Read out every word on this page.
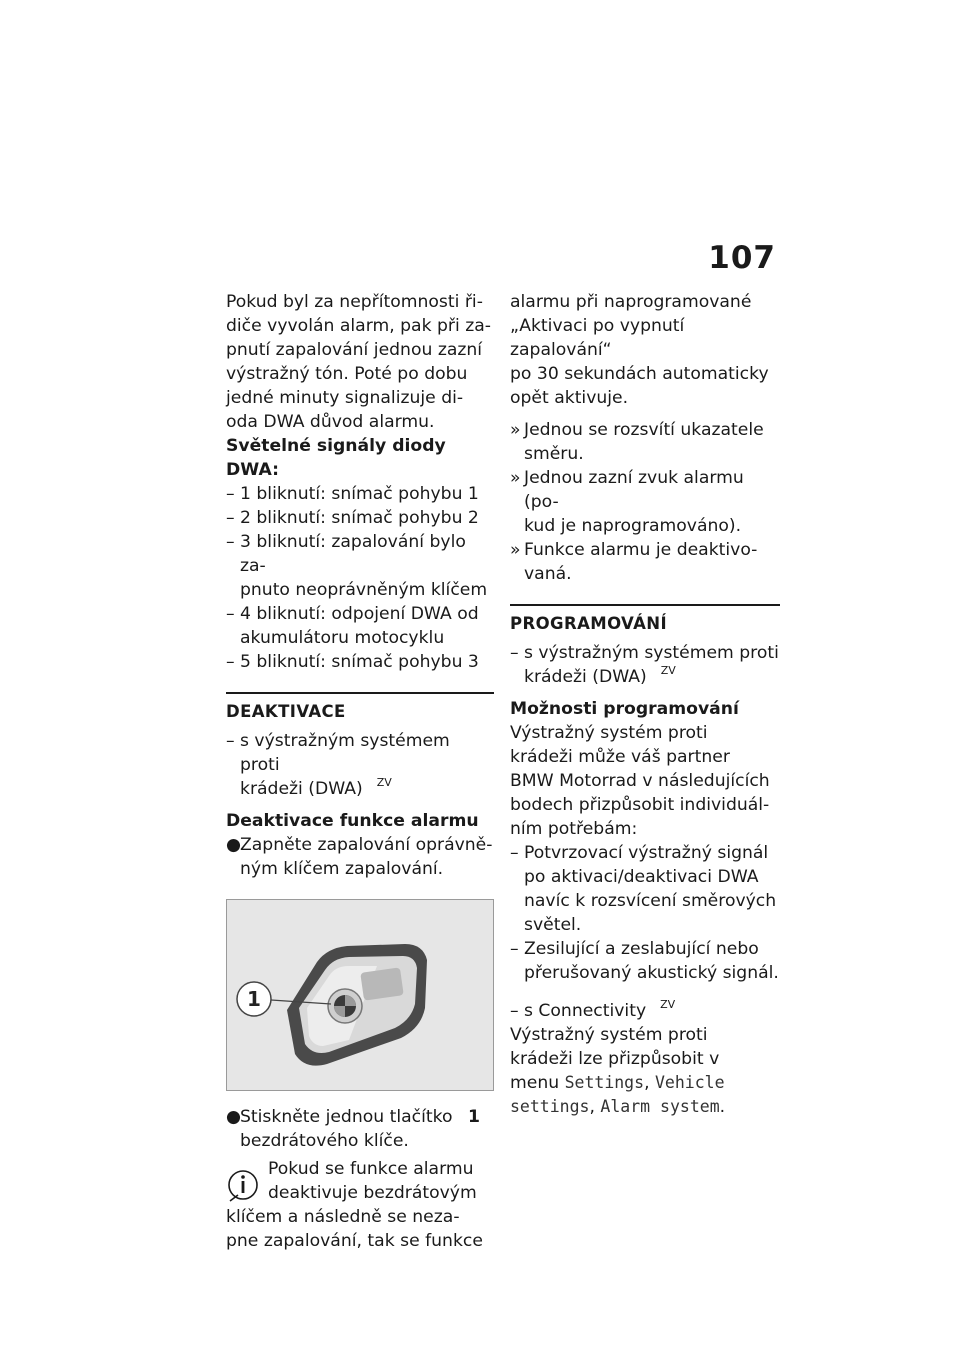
107
Pokud byl za nepřítomnosti ři-
diče vyvolán alarm, pak při za-
pnutí zapalování jednou zazní
výstražný tón. Poté po dobu
jedné minuty signalizuje di-
oda DWA důvod alarmu.
Světelné signály diody DWA:
– 1 bliknutí: snímač pohybu 1
– 2 bliknutí: snímač pohybu 2
– 3 bliknutí: zapalování bylo za-
pnuto neoprávněným klíčem
– 4 bliknutí: odpojení DWA od
akumulátoru motocyklu
– 5 bliknutí: snímač pohybu 3
DEAKTIVACE
– s výstražným systémem proti
krádeži (DWA) $^{ZV}$
Deaktivace funkce alarmu
● Zapněte zapalování oprávně-
ným klíčem zapalování.
1
● Stiskněte jednou tlačítko 1
bezdrátového klíče.
Pokud se funkce alarmu
deaktivuje bezdrátovým
klíčem a následně se neza-
pne zapalování, tak se funkce
alarmu při naprogramované
„Aktivaci po vypnutí zapalování“
po 30 sekundách automaticky
opět aktivuje.
» Jednou se rozsvítí ukazatele
směru.
» Jednou zazní zvuk alarmu (po-
kud je naprogramováno).
» Funkce alarmu je deaktivo-
vaná.
PROGRAMOVÁNÍ
– s výstražným systémem proti
krádeži (DWA) $^{ZV}$
Možnosti programování
Výstražný systém proti
krádeži může váš partner
BMW Motorrad v následujících
bodech přizpůsobit individuál-
ním potřebám:
– Potvrzovací výstražný signál
po aktivaci/deaktivaci DWA
navíc k rozsvícení směrových
světel.
– Zesilující a zeslabující nebo
přerušovaný akustický signál.
– s Connectivity $^{ZV}$
Výstražný systém proti
krádeži lze přizpůsobit v
menu Settings, Vehicle
settings, Alarm system.
